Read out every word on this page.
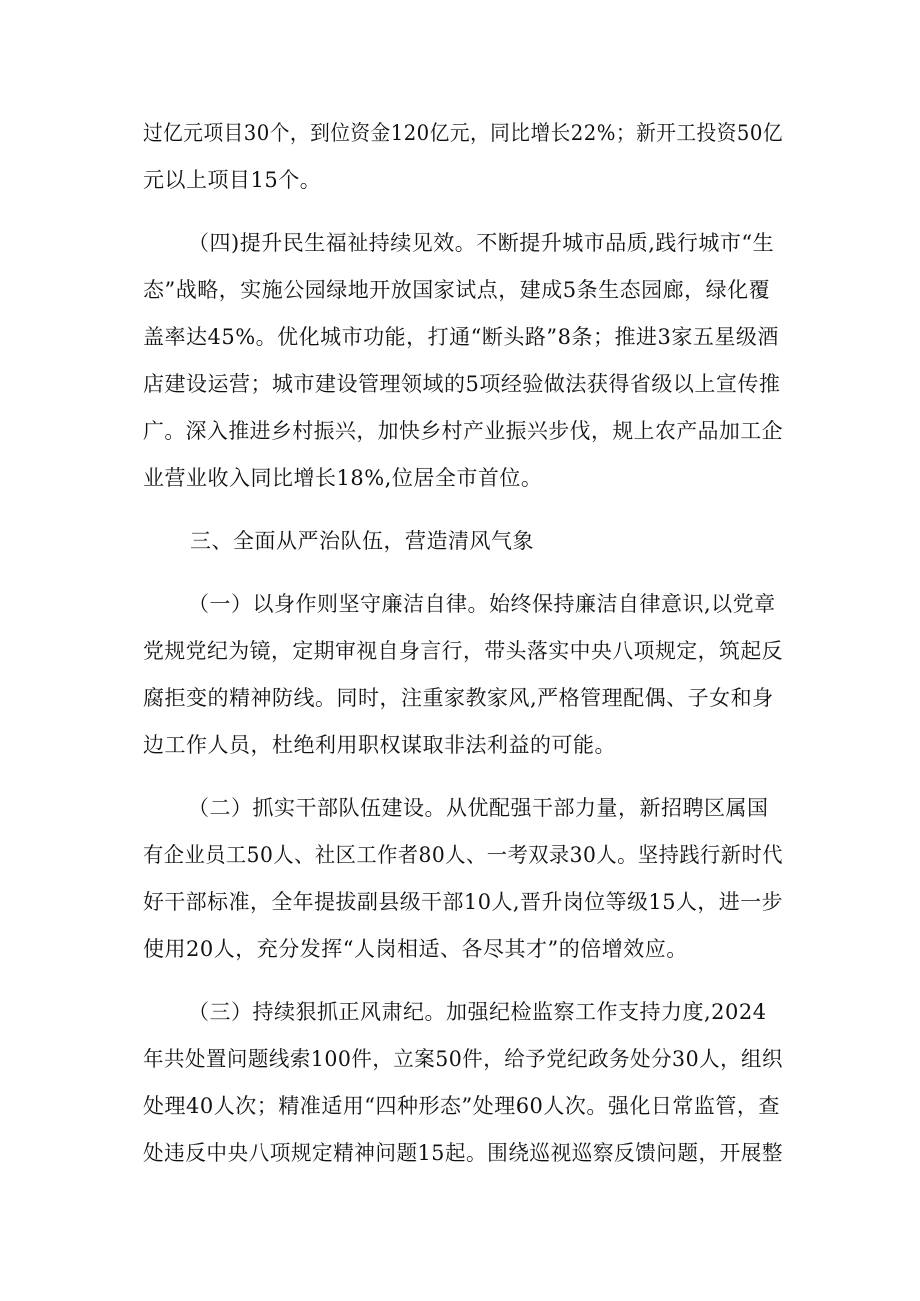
过亿元项目30个，到位资金120亿元，同比增长22%；新开工投资50亿
元以上项目15个。
（四)提升民生福祉持续见效。不断提升城市品质,践行城市“生
态”战略，实施公园绿地开放国家试点，建成5条生态园廊，绿化覆
盖率达45%。优化城市功能，打通“断头路”8条；推进3家五星级酒
店建设运营；城市建设管理领域的5项经验做法获得省级以上宣传推
广。深入推进乡村振兴，加快乡村产业振兴步伐，规上农产品加工企
业营业收入同比增长18%,位居全市首位。
三、全面从严治队伍，营造清风气象
（一）以身作则坚守廉洁自律。始终保持廉洁自律意识,以党章
党规党纪为镜，定期审视自身言行，带头落实中央八项规定，筑起反
腐拒变的精神防线。同时，注重家教家风,严格管理配偶、子女和身
边工作人员，杜绝利用职权谋取非法利益的可能。
（二）抓实干部队伍建设。从优配强干部力量，新招聘区属国
有企业员工50人、社区工作者80人、一考双录30人。坚持践行新时代
好干部标准，全年提拔副县级干部10人,晋升岗位等级15人，进一步
使用20人，充分发挥“人岗相适、各尽其才”的倍增效应。
（三）持续狠抓正风肃纪。加强纪检监察工作支持力度,2024
年共处置问题线索100件，立案50件，给予党纪政务处分30人，组织
处理40人次；精准适用“四种形态”处理60人次。强化日常监管，查
处违反中央八项规定精神问题15起。围绕巡视巡察反馈问题，开展整
